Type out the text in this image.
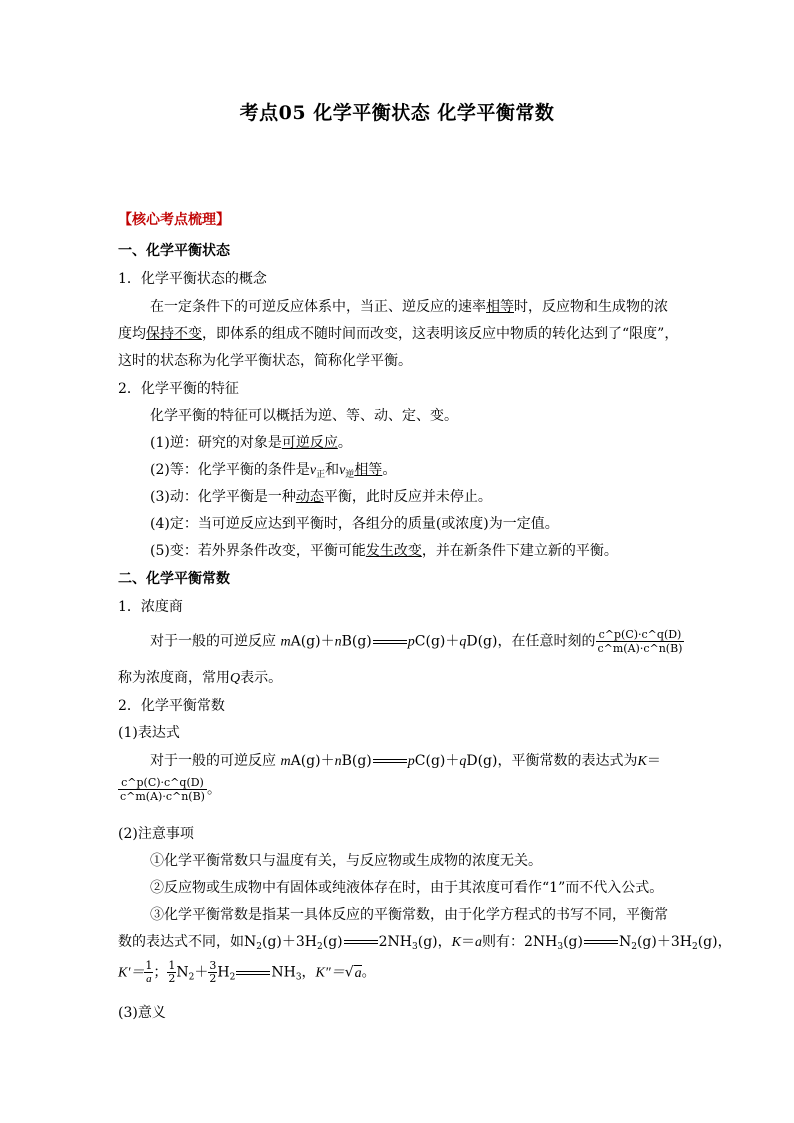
考点05 化学平衡状态 化学平衡常数
【核心考点梳理】
一、化学平衡状态
1．化学平衡状态的概念
在一定条件下的可逆反应体系中，当正、逆反应的速率相等时，反应物和生成物的浓
度均保持不变，即体系的组成不随时间而改变，这表明该反应中物质的转化达到了“限度”，
这时的状态称为化学平衡状态，简称化学平衡。
2．化学平衡的特征
化学平衡的特征可以概括为逆、等、动、定、变。
(1)逆：研究的对象是可逆反应。
(2)等：化学平衡的条件是$v_正$和$v_逆$相等。
(3)动：化学平衡是一种动态平衡，此时反应并未停止。
(4)定：当可逆反应达到平衡时，各组分的质量(或浓度)为一定值。
(5)变：若外界条件改变，平衡可能发生改变，并在新条件下建立新的平衡。
二、化学平衡常数
1．浓度商
对于一般的可逆反应 mA(g)＋nB(g)	pC(g)＋qD(g)，在任意时刻的 $\frac{c\^{}p(C)\cdot c\^{}q(D)}{c\^{}m(A)\cdot c\^{}n(B)}$
称为浓度商，常用Q表示。
2．化学平衡常数
(1)表达式
对于一般的可逆反应 mA(g)＋nB(g)	pC(g)＋qD(g)，平衡常数的表达式为K＝
$\frac{c\^{}p(C)\cdot c\^{}q(D)}{c\^{}m(A)\cdot c\^{}n(B)}$ 。
(2)注意事项
①化学平衡常数只与温度有关，与反应物或生成物的浓度无关。
②反应物或生成物中有固体或纯液体存在时，由于其浓度可看作“1”而不代入公式。
③化学平衡常数是指某一具体反应的平衡常数，由于化学方程式的书写不同，平衡常
数的表达式不同，如$N_2(g)+3H_2(g)$	$2NH_3(g)$，K＝a则有：$2NH_3(g)$	$N_2(g)+3H_2(g)$，
$K'= \frac{1}{a}$ ； $\frac{1}{2} N_2+ \frac{3}{2} H_2$	$NH_3$，K″＝√a。
(3)意义
